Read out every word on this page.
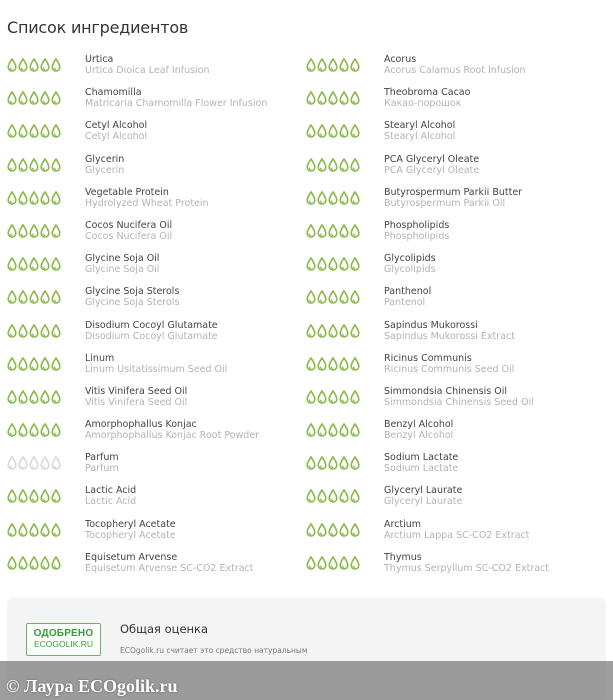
Список ингредиентов
Urtica
Urtica Dioica Leaf Infusion
Acorus
Acorus Calamus Root Infusion
Chamomilla
Matricaria Chamomilla Flower Infusion
Theobroma Cacao
Какао-порошок
Cetyl Alcohol
Cetyl Alcohol
Stearyl Alcohol
Stearyl Alcohol
Glycerin
Glycerin
PCA Glyceryl Oleate
PCA Glyceryl Oleate
Vegetable Protein
Hydrolyzed Wheat Protein
Butyrospermum Parkii Butter
Butyrospermum Parkii Oil
Cocos Nucifera Oil
Cocos Nucifera Oil
Phospholipids
Phospholipids
Glycine Soja Oil
Glycine Soja Oil
Glycolipids
Glycolipids
Glycine Soja Sterols
Glycine Soja Sterols
Panthenol
Pantenol
Disodium Cocoyl Glutamate
Disodium Cocoyl Glutamate
Sapindus Mukorossi
Sapindus Mukorossi Extract
Linum
Linum Usitatissimum Seed Oil
Ricinus Communis
Ricinus Communis Seed Oil
Vitis Vinifera Seed Oil
Vitis Vinifera Seed Oil
Simmondsia Chinensis Oil
Simmondsia Chinensis Seed Oil
Amorphophallus Konjac
Amorphophallus Konjac Root Powder
Benzyl Alcohol
Benzyl Alcohol
Parfum
Parfum
Sodium Lactate
Sodium Lactate
Lactic Acid
Lactic Acid
Glyceryl Laurate
Glyceryl Laurate
Tocopheryl Acetate
Tocopheryl Acetate
Arctium
Arctium Lappa SC-CO2 Extract
Equisetum Arvense
Equisetum Arvense SC-CO2 Extract
Thymus
Thymus Serpyllum SC-CO2 Extract
ОДОБРЕНО
ECOGOLIK.RU
Общая оценка
ECOgolik.ru считает это средство натуральным
© Лаура ECOgolik.ru
